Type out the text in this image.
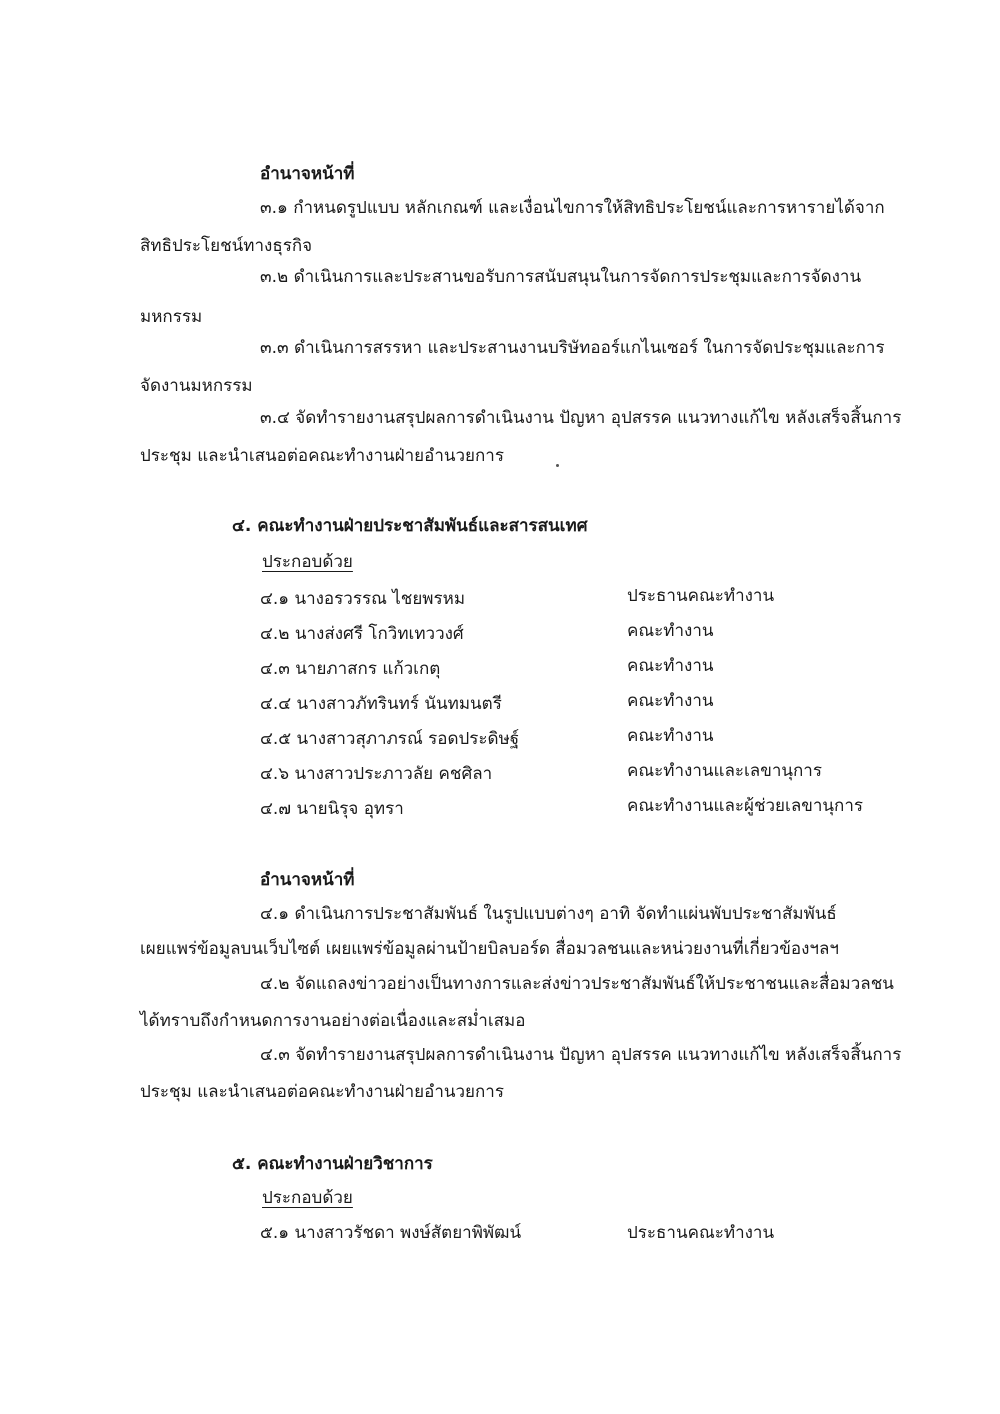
อำนาจหน้าที่
๓.๑ กำหนดรูปแบบ หลักเกณฑ์ และเงื่อนไขการให้สิทธิประโยชน์และการหารายได้จาก
สิทธิประโยชน์ทางธุรกิจ
๓.๒ ดำเนินการและประสานขอรับการสนับสนุนในการจัดการประชุมและการจัดงาน
มหกรรม
๓.๓ ดำเนินการสรรหา และประสานงานบริษัทออร์แกไนเซอร์ ในการจัดประชุมและการ
จัดงานมหกรรม
๓.๔ จัดทำรายงานสรุปผลการดำเนินงาน ปัญหา อุปสรรค แนวทางแก้ไข หลังเสร็จสิ้นการ
ประชุม และนำเสนอต่อคณะทำงานฝ่ายอำนวยการ
๔. คณะทำงานฝ่ายประชาสัมพันธ์และสารสนเทศ
ประกอบด้วย
๔.๑ นางอรวรรณ ไชยพรหม	ประธานคณะทำงาน
๔.๒ นางส่งศรี โกวิทเทววงศ์	คณะทำงาน
๔.๓ นายภาสกร แก้วเกตุ	คณะทำงาน
๔.๔ นางสาวภัทรินทร์ นันทมนตรี	คณะทำงาน
๔.๕ นางสาวสุภาภรณ์ รอดประดิษฐ์	คณะทำงาน
๔.๖ นางสาวประภาวลัย คชศิลา	คณะทำงานและเลขานุการ
๔.๗ นายนิรุจ อุทรา	คณะทำงานและผู้ช่วยเลขานุการ
อำนาจหน้าที่
๔.๑ ดำเนินการประชาสัมพันธ์ ในรูปแบบต่างๆ อาทิ จัดทำแผ่นพับประชาสัมพันธ์
เผยแพร่ข้อมูลบนเว็บไซต์ เผยแพร่ข้อมูลผ่านป้ายบิลบอร์ด สื่อมวลชนและหน่วยงานที่เกี่ยวข้องฯลฯ
๔.๒ จัดแถลงข่าวอย่างเป็นทางการและส่งข่าวประชาสัมพันธ์ให้ประชาชนและสื่อมวลชน
ได้ทราบถึงกำหนดการงานอย่างต่อเนื่องและสม่ำเสมอ
๔.๓ จัดทำรายงานสรุปผลการดำเนินงาน ปัญหา อุปสรรค แนวทางแก้ไข หลังเสร็จสิ้นการ
ประชุม และนำเสนอต่อคณะทำงานฝ่ายอำนวยการ
๕. คณะทำงานฝ่ายวิชาการ
ประกอบด้วย
๕.๑ นางสาวรัชดา พงษ์สัตยาพิพัฒน์	ประธานคณะทำงาน
